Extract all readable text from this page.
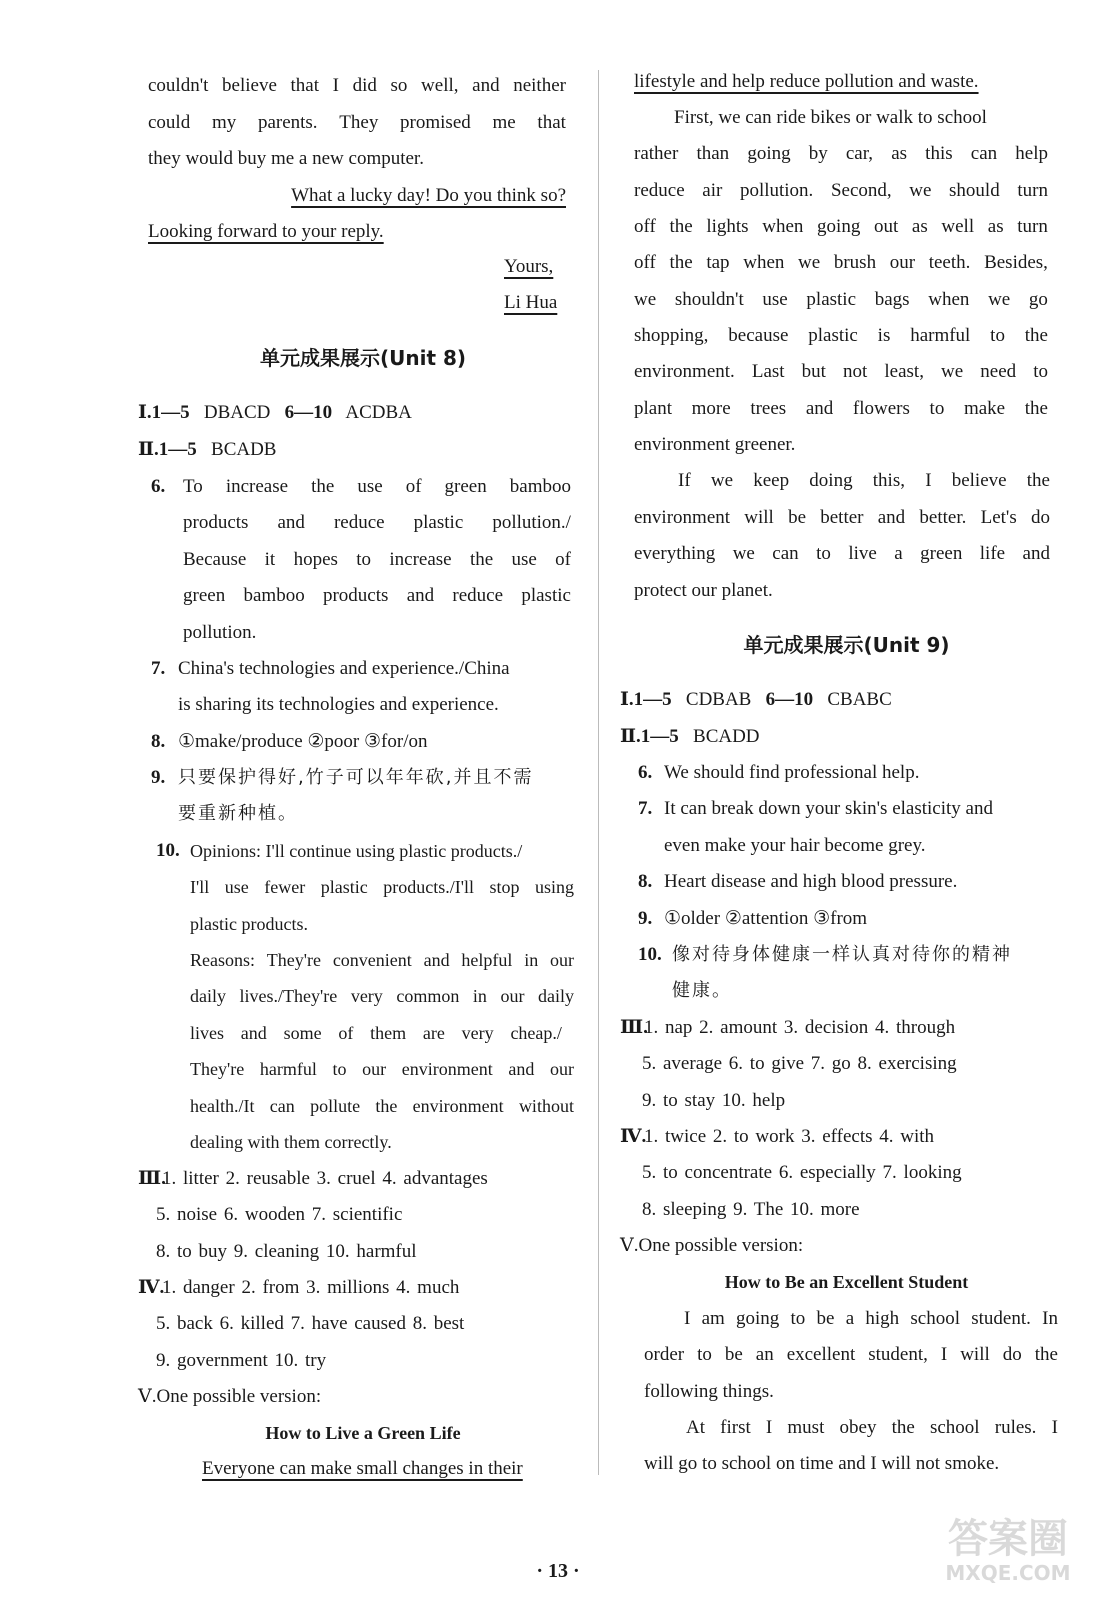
couldn't believe that I did so well, and neither
could my parents. They promised me that
they would buy me a new computer.
What a lucky day! Do you think so?
Looking forward to your reply.
Yours,
Li Hua
单元成果展示(Unit 8)
Ⅰ.1—5 DBACD 6—10 ACDBA
Ⅱ.1—5 BCADB
6. To increase the use of green bamboo
products and reduce plastic pollution./
Because it hopes to increase the use of
green bamboo products and reduce plastic
pollution.
7. China's technologies and experience./China
is sharing its technologies and experience.
8. ①make/produce ②poor ③for/on
9. 只要保护得好,竹子可以年年砍,并且不需
要重新种植。
10. Opinions: I'll continue using plastic products./
I'll use fewer plastic products./I'll stop using
plastic products.
Reasons: They're convenient and helpful in our
daily lives./They're very common in our daily
lives and some of them are very cheap./
They're harmful to our environment and our
health./It can pollute the environment without
dealing with them correctly.
Ⅲ.
1. litter 2. reusable 3. cruel 4. advantages
5. noise 6. wooden 7. scientific
8. to buy 9. cleaning 10. harmful
Ⅳ.
1. danger 2. from 3. millions 4. much
5. back 6. killed 7. have caused 8. best
9. government 10. try
Ⅴ.One possible version:
How to Live a Green Life
Everyone can make small changes in their
lifestyle and help reduce pollution and waste.
First, we can ride bikes or walk to school
rather than going by car, as this can help
reduce air pollution. Second, we should turn
off the lights when going out as well as turn
off the tap when we brush our teeth. Besides,
we shouldn't use plastic bags when we go
shopping, because plastic is harmful to the
environment. Last but not least, we need to
plant more trees and flowers to make the
environment greener.
If we keep doing this, I believe the
environment will be better and better. Let's do
everything we can to live a green life and
protect our planet.
单元成果展示(Unit 9)
Ⅰ.1—5 CDBAB 6—10 CBABC
Ⅱ.1—5 BCADD
6. We should find professional help.
7. It can break down your skin's elasticity and
even make your hair become grey.
8. Heart disease and high blood pressure.
9. ①older ②attention ③from
10. 像对待身体健康一样认真对待你的精神
健康。
Ⅲ.
1. nap 2. amount 3. decision 4. through
5. average 6. to give 7. go 8. exercising
9. to stay 10. help
Ⅳ.
1. twice 2. to work 3. effects 4. with
5. to concentrate 6. especially 7. looking
8. sleeping 9. The 10. more
Ⅴ.One possible version:
How to Be an Excellent Student
I am going to be a high school student. In
order to be an excellent student, I will do the
following things.
At first I must obey the school rules. I
will go to school on time and I will not smoke.
· 13 ·
答案圈
MXQE.COM
